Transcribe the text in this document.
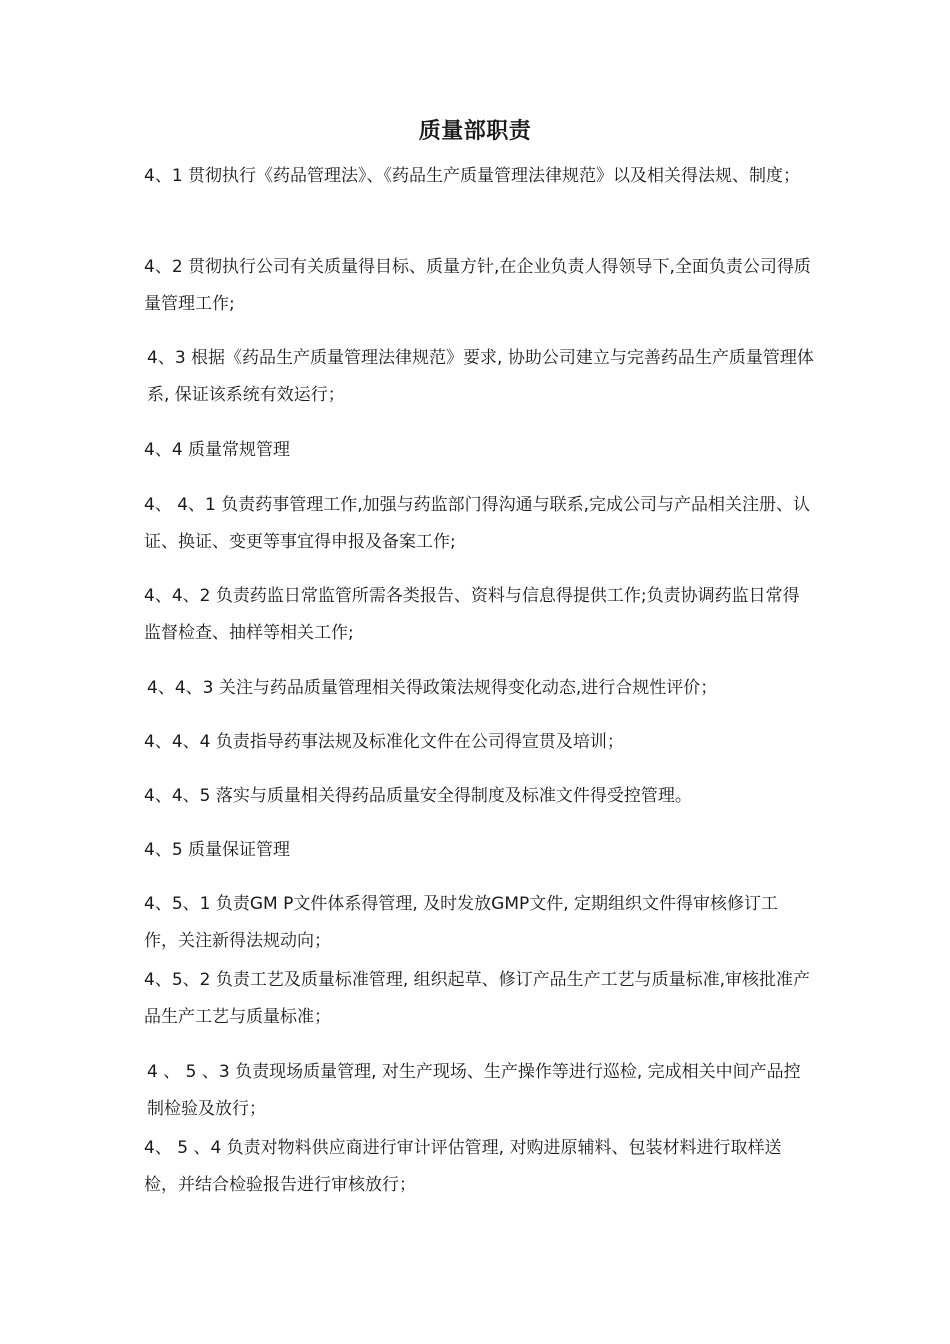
质量部职责

4、1 贯彻执行《药品管理法》、《药品生产质量管理法律规范》以及相关得法规、制度；

4、2 贯彻执行公司有关质量得目标、质量方针,在企业负责人得领导下,全面负责公司得质量管理工作;

4、3 根据《药品生产质量管理法律规范》要求, 协助公司建立与完善药品生产质量管理体系, 保证该系统有效运行；

4、4 质量常规管理

4、 4、1 负责药事管理工作,加强与药监部门得沟通与联系,完成公司与产品相关注册、认证、换证、变更等事宜得申报及备案工作;

4、4、2 负责药监日常监管所需各类报告、资料与信息得提供工作;负责协调药监日常得监督检查、抽样等相关工作;

4、4、3 关注与药品质量管理相关得政策法规得变化动态,进行合规性评价；

4、4、4 负责指导药事法规及标准化文件在公司得宣贯及培训；

4、4、5 落实与质量相关得药品质量安全得制度及标准文件得受控管理。

4、5 质量保证管理

4、5、1 负责GM P文件体系得管理, 及时发放GMP文件, 定期组织文件得审核修订工作，关注新得法规动向；

4、5、2 负责工艺及质量标准管理, 组织起草、修订产品生产工艺与质量标准,审核批准产品生产工艺与质量标准；

4 、 5 、3 负责现场质量管理, 对生产现场、生产操作等进行巡检, 完成相关中间产品控制检验及放行；

4、 5 、4 负责对物料供应商进行审计评估管理, 对购进原辅料、包装材料进行取样送检，并结合检验报告进行审核放行；
